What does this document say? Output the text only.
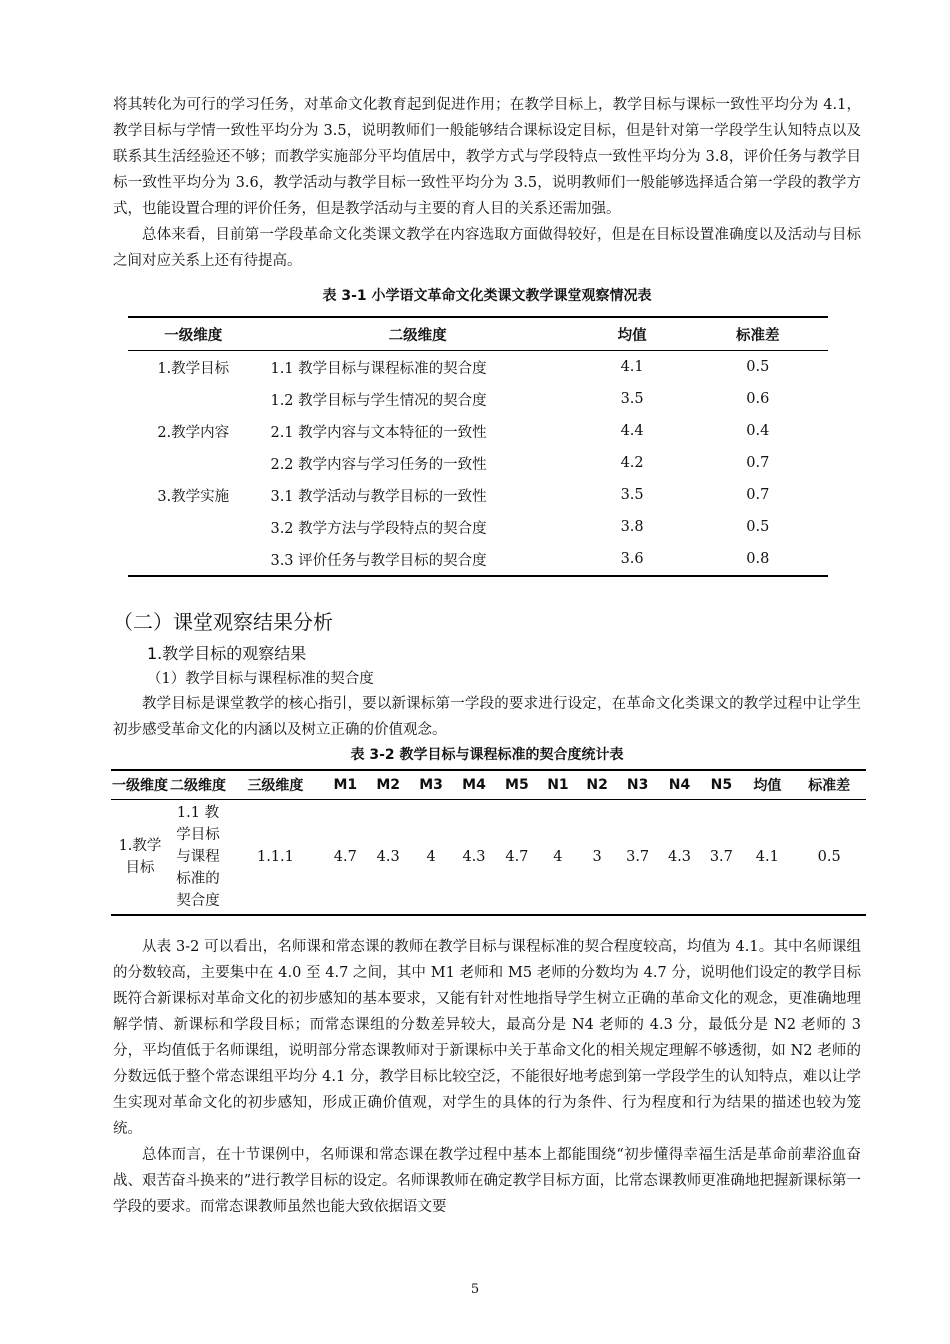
将其转化为可行的学习任务，对革命文化教育起到促进作用；在教学目标上，教学目标与课标一致性平均分为 4.1，教学目标与学情一致性平均分为 3.5，说明教师们一般能够结合课标设定目标，但是针对第一学段学生认知特点以及联系其生活经验还不够；而教学实施部分平均值居中，教学方式与学段特点一致性平均分为 3.8，评价任务与教学目标一致性平均分为 3.6，教学活动与教学目标一致性平均分为 3.5，说明教师们一般能够选择适合第一学段的教学方式，也能设置合理的评价任务，但是教学活动与主要的育人目的关系还需加强。

总体来看，目前第一学段革命文化类课文教学在内容选取方面做得较好，但是在目标设置准确度以及活动与目标之间对应关系上还有待提高。

表 3-1 小学语文革命文化类课文教学课堂观察情况表
一级维度	二级维度	均值	标准差
1.教学目标	1.1 教学目标与课程标准的契合度	4.1	0.5
	1.2 教学目标与学生情况的契合度	3.5	0.6
2.教学内容	2.1 教学内容与文本特征的一致性	4.4	0.4
	2.2 教学内容与学习任务的一致性	4.2	0.7
3.教学实施	3.1 教学活动与教学目标的一致性	3.5	0.7
	3.2 教学方法与学段特点的契合度	3.8	0.5
	3.3 评价任务与教学目标的契合度	3.6	0.8
（二）课堂观察结果分析
1.教学目标的观察结果
（1）教学目标与课程标准的契合度

教学目标是课堂教学的核心指引，要以新课标第一学段的要求进行设定，在革命文化类课文的教学过程中让学生初步感受革命文化的内涵以及树立正确的价值观念。

表 3-2 教学目标与课程标准的契合度统计表
一级维度	二级维度	三级维度	M1	M2	M3	M4	M5	N1	N2	N3	N4	N5	均值	标准差
1.教学目标	1.1 教学目标与课程标准的契合度	1.1.1	4.7	4.3	4	4.3	4.7	4	3	3.7	4.3	3.7	4.1	0.5

从表 3-2 可以看出，名师课和常态课的教师在教学目标与课程标准的契合程度较高，均值为 4.1。其中名师课组的分数较高，主要集中在 4.0 至 4.7 之间，其中 M1 老师和 M5 老师的分数均为 4.7 分，说明他们设定的教学目标既符合新课标对革命文化的初步感知的基本要求，又能有针对性地指导学生树立正确的革命文化的观念，更准确地理解学情、新课标和学段目标；而常态课组的分数差异较大，最高分是 N4 老师的 4.3 分，最低分是 N2 老师的 3 分，平均值低于名师课组，说明部分常态课教师对于新课标中关于革命文化的相关规定理解不够透彻，如 N2 老师的分数远低于整个常态课组平均分 4.1 分，教学目标比较空泛，不能很好地考虑到第一学段学生的认知特点，难以让学生实现对革命文化的初步感知，形成正确价值观，对学生的具体的行为条件、行为程度和行为结果的描述也较为笼统。

总体而言，在十节课例中，名师课和常态课在教学过程中基本上都能围绕“初步懂得幸福生活是革命前辈浴血奋战、艰苦奋斗换来的”进行教学目标的设定。名师课教师在确定教学目标方面，比常态课教师更准确地把握新课标第一学段的要求。而常态课教师虽然也能大致依据语文要

5
